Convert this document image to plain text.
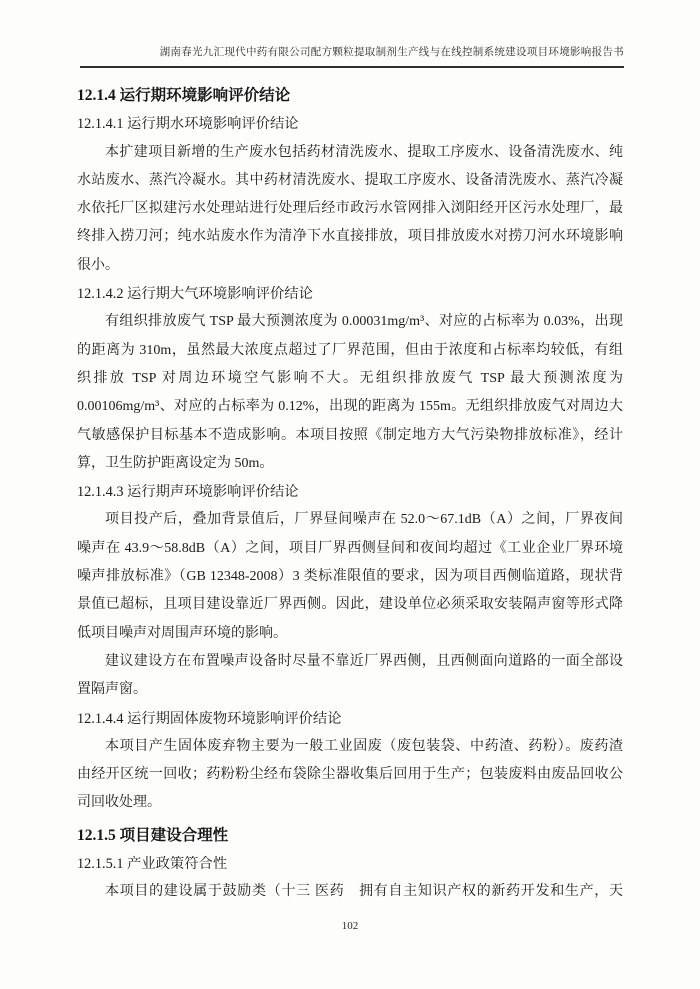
湖南春光九汇现代中药有限公司配方颗粒提取制剂生产线与在线控制系统建设项目环境影响报告书
12.1.4 运行期环境影响评价结论
12.1.4.1 运行期水环境影响评价结论
本扩建项目新增的生产废水包括药材清洗废水、提取工序废水、设备清洗废水、纯
水站废水、蒸汽冷凝水。其中药材清洗废水、提取工序废水、设备清洗废水、蒸汽冷凝
水依托厂区拟建污水处理站进行处理后经市政污水管网排入浏阳经开区污水处理厂，最
终排入捞刀河；纯水站废水作为清净下水直接排放，项目排放废水对捞刀河水环境影响
很小。
12.1.4.2 运行期大气环境影响评价结论
有组织排放废气 TSP 最大预测浓度为 0.00031mg/m³、对应的占标率为 0.03%，出现
的距离为 310m，虽然最大浓度点超过了厂界范围，但由于浓度和占标率均较低，有组
织排放 TSP 对周边环境空气影响不大。无组织排放废气 TSP 最大预测浓度为
0.00106mg/m³、对应的占标率为 0.12%，出现的距离为 155m。无组织排放废气对周边大
气敏感保护目标基本不造成影响。本项目按照《制定地方大气污染物排放标准》，经计
算，卫生防护距离设定为 50m。
12.1.4.3 运行期声环境影响评价结论
项目投产后，叠加背景值后，厂界昼间噪声在 52.0～67.1dB（A）之间，厂界夜间
噪声在 43.9～58.8dB（A）之间，项目厂界西侧昼间和夜间均超过《工业企业厂界环境
噪声排放标准》（GB 12348-2008）3 类标准限值的要求，因为项目西侧临道路，现状背
景值已超标，且项目建设靠近厂界西侧。因此，建设单位必须采取安装隔声窗等形式降
低项目噪声对周围声环境的影响。
建议建设方在布置噪声设备时尽量不靠近厂界西侧，且西侧面向道路的一面全部设
置隔声窗。
12.1.4.4 运行期固体废物环境影响评价结论
本项目产生固体废弃物主要为一般工业固废（废包装袋、中药渣、药粉）。废药渣
由经开区统一回收；药粉粉尘经布袋除尘器收集后回用于生产；包装废料由废品回收公
司回收处理。
12.1.5 项目建设合理性
12.1.5.1 产业政策符合性
本项目的建设属于鼓励类（十三 医药　拥有自主知识产权的新药开发和生产，天
102
